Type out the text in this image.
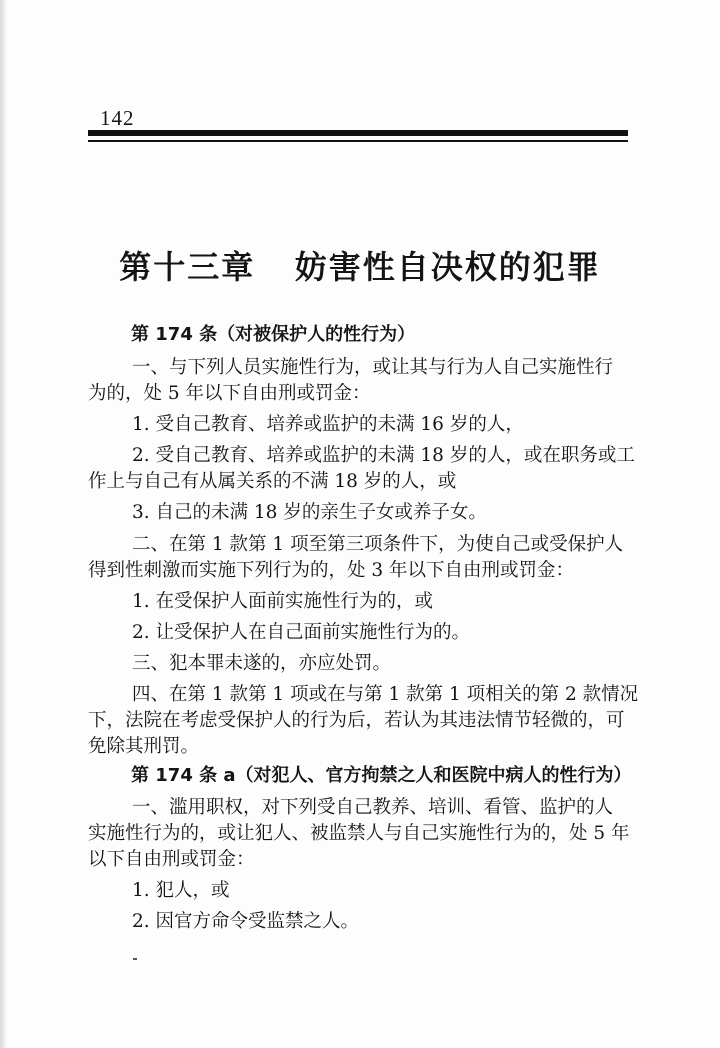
142
第十三章   妨害性自决权的犯罪
第 174 条（对被保护人的性行为）
一、与下列人员实施性行为，或让其与行为人自己实施性行
为的，处 5 年以下自由刑或罚金：
1. 受自己教育、培养或监护的未满 16 岁的人，
2. 受自己教育、培养或监护的未满 18 岁的人，或在职务或工
作上与自己有从属关系的不满 18 岁的人，或
3. 自己的未满 18 岁的亲生子女或养子女。
二、在第 1 款第 1 项至第三项条件下，为使自己或受保护人
得到性刺激而实施下列行为的，处 3 年以下自由刑或罚金：
1. 在受保护人面前实施性行为的，或
2. 让受保护人在自己面前实施性行为的。
三、犯本罪未遂的，亦应处罚。
四、在第 1 款第 1 项或在与第 1 款第 1 项相关的第 2 款情况
下，法院在考虑受保护人的行为后，若认为其违法情节轻微的，可
免除其刑罚。
第 174 条 a（对犯人、官方拘禁之人和医院中病人的性行为）
一、滥用职权，对下列受自己教养、培训、看管、监护的人
实施性行为的，或让犯人、被监禁人与自己实施性行为的，处 5 年
以下自由刑或罚金：
1. 犯人，或
2. 因官方命令受监禁之人。
